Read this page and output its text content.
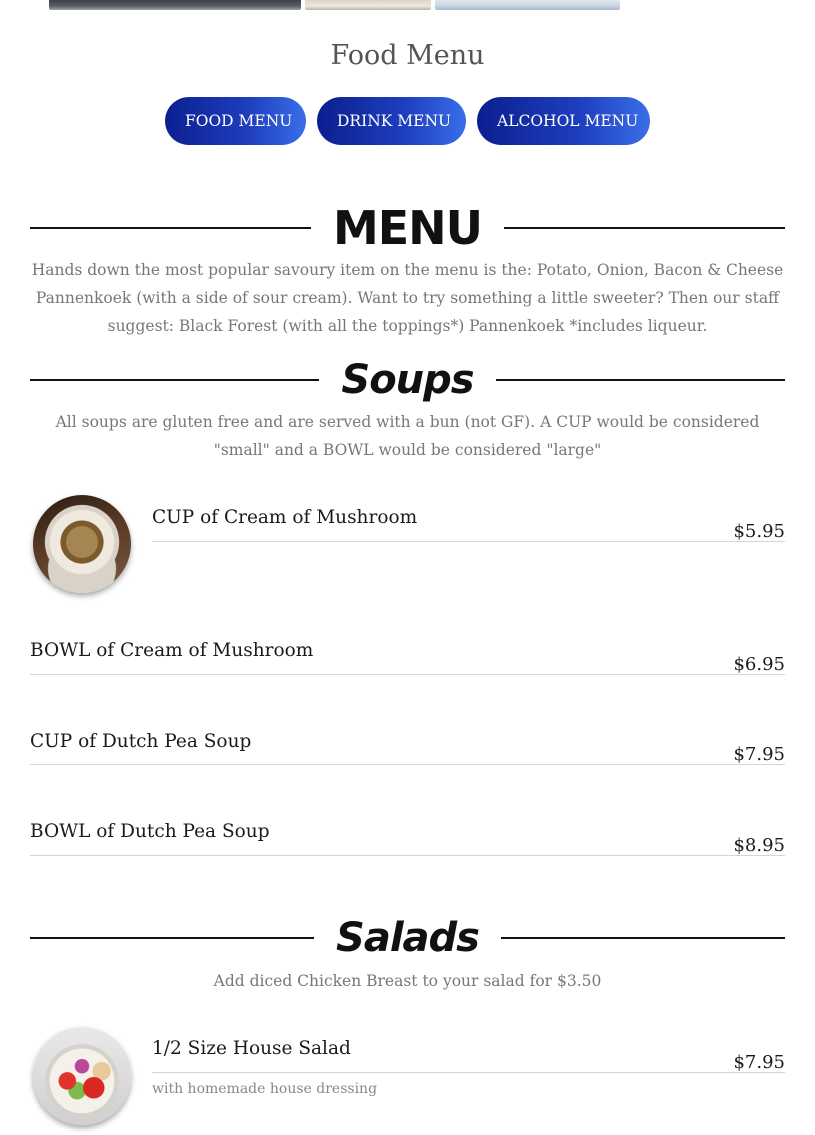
Food Menu
FOOD MENU	DRINK MENU	ALCOHOL MENU
MENU
Hands down the most popular savoury item on the menu is the: Potato, Onion, Bacon & Cheese Pannenkoek (with a side of sour cream). Want to try something a little sweeter? Then our staff suggest: Black Forest (with all the toppings*) Pannenkoek *includes liqueur.
Soups
All soups are gluten free and are served with a bun (not GF). A CUP would be considered "small" and a BOWL would be considered "large"
CUP of Cream of Mushroom
$5.95
BOWL of Cream of Mushroom
$6.95
CUP of Dutch Pea Soup
$7.95
BOWL of Dutch Pea Soup
$8.95
Salads
Add diced Chicken Breast to your salad for $3.50
1/2 Size House Salad
$7.95
with homemade house dressing
